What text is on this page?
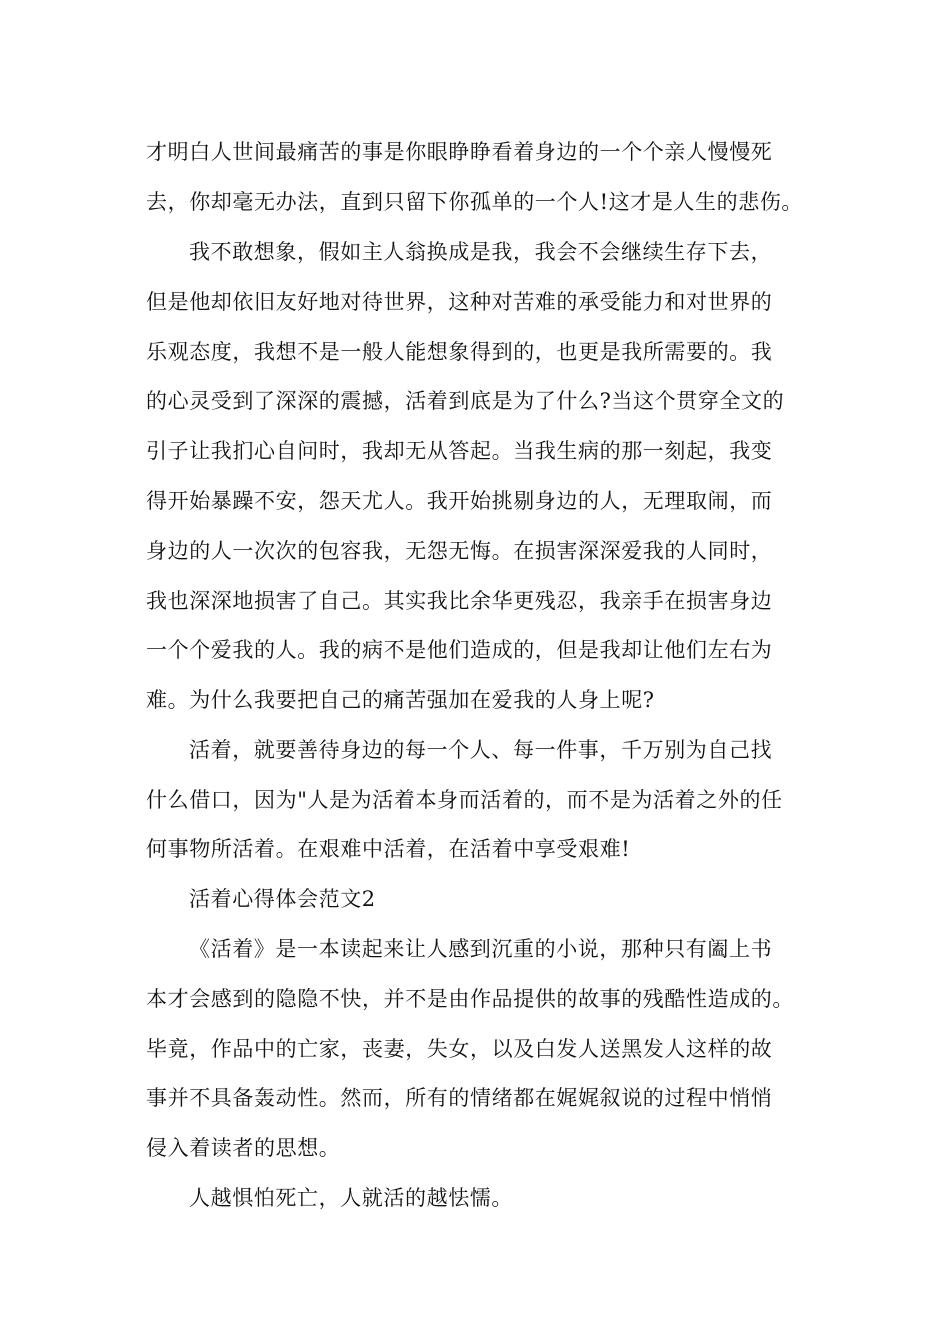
才明白人世间最痛苦的事是你眼睁睁看着身边的一个个亲人慢慢死
去，你却毫无办法，直到只留下你孤单的一个人!这才是人生的悲伤。
我不敢想象，假如主人翁换成是我，我会不会继续生存下去，
但是他却依旧友好地对待世界，这种对苦难的承受能力和对世界的
乐观态度，我想不是一般人能想象得到的，也更是我所需要的。我
的心灵受到了深深的震撼，活着到底是为了什么?当这个贯穿全文的
引子让我扪心自问时，我却无从答起。当我生病的那一刻起，我变
得开始暴躁不安，怨天尤人。我开始挑剔身边的人，无理取闹，而
身边的人一次次的包容我，无怨无悔。在损害深深爱我的人同时，
我也深深地损害了自己。其实我比余华更残忍，我亲手在损害身边
一个个爱我的人。我的病不是他们造成的，但是我却让他们左右为
难。为什么我要把自己的痛苦强加在爱我的人身上呢?
活着，就要善待身边的每一个人、每一件事，千万别为自己找
什么借口，因为"人是为活着本身而活着的，而不是为活着之外的任
何事物所活着。在艰难中活着，在活着中享受艰难!
活着心得体会范文2
《活着》是一本读起来让人感到沉重的小说，那种只有阖上书
本才会感到的隐隐不快，并不是由作品提供的故事的残酷性造成的。
毕竟，作品中的亡家，丧妻，失女，以及白发人送黑发人这样的故
事并不具备轰动性。然而，所有的情绪都在娓娓叙说的过程中悄悄
侵入着读者的思想。
人越惧怕死亡，人就活的越怯懦。
